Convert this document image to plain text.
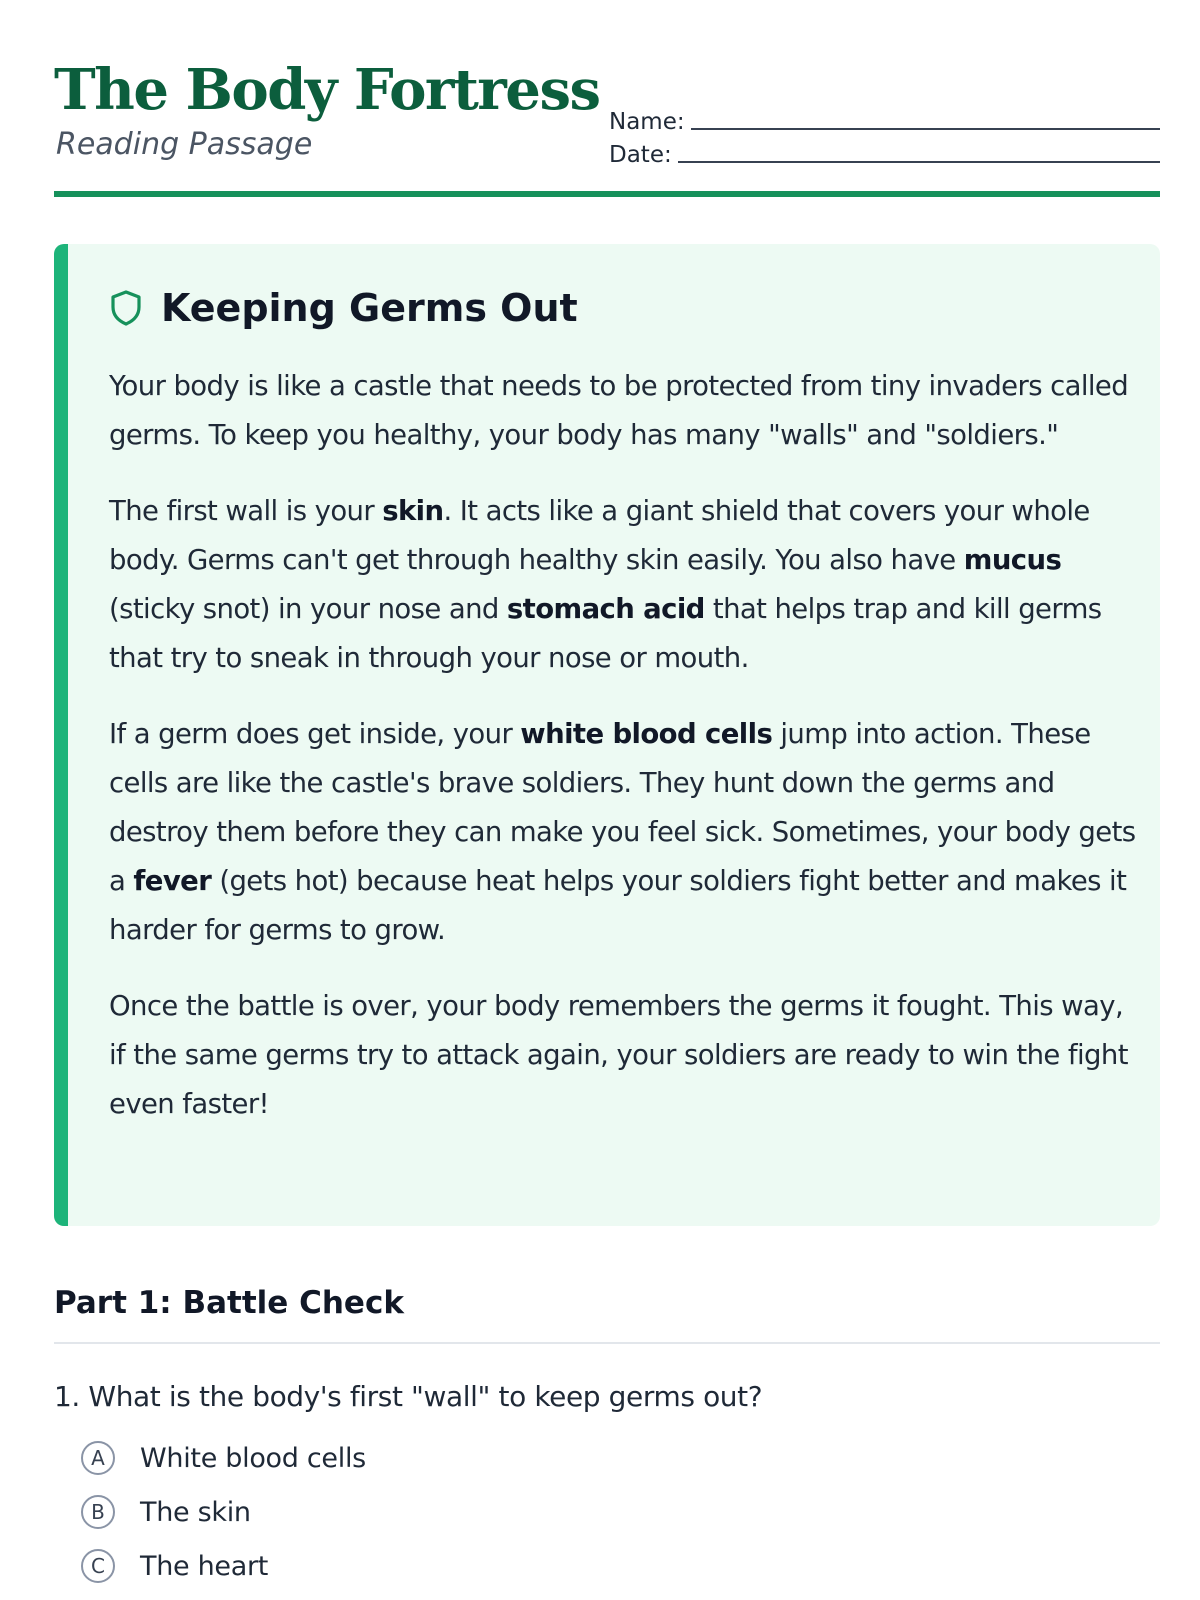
The Body Fortress
Reading Passage
Name:
Date:
Keeping Germs Out

Your body is like a castle that needs to be protected from tiny invaders called germs. To keep you healthy, your body has many "walls" and "soldiers."

The first wall is your skin. It acts like a giant shield that covers your whole body. Germs can't get through healthy skin easily. You also have mucus (sticky snot) in your nose and stomach acid that helps trap and kill germs that try to sneak in through your nose or mouth.

If a germ does get inside, your white blood cells jump into action. These cells are like the castle's brave soldiers. They hunt down the germs and destroy them before they can make you feel sick. Sometimes, your body gets a fever (gets hot) because heat helps your soldiers fight better and makes it harder for germs to grow.

Once the battle is over, your body remembers the germs it fought. This way, if the same germs try to attack again, your soldiers are ready to win the fight even faster!

Part 1: Battle Check
1. What is the body's first "wall" to keep germs out?
A	White blood cells
B	The skin
C	The heart
